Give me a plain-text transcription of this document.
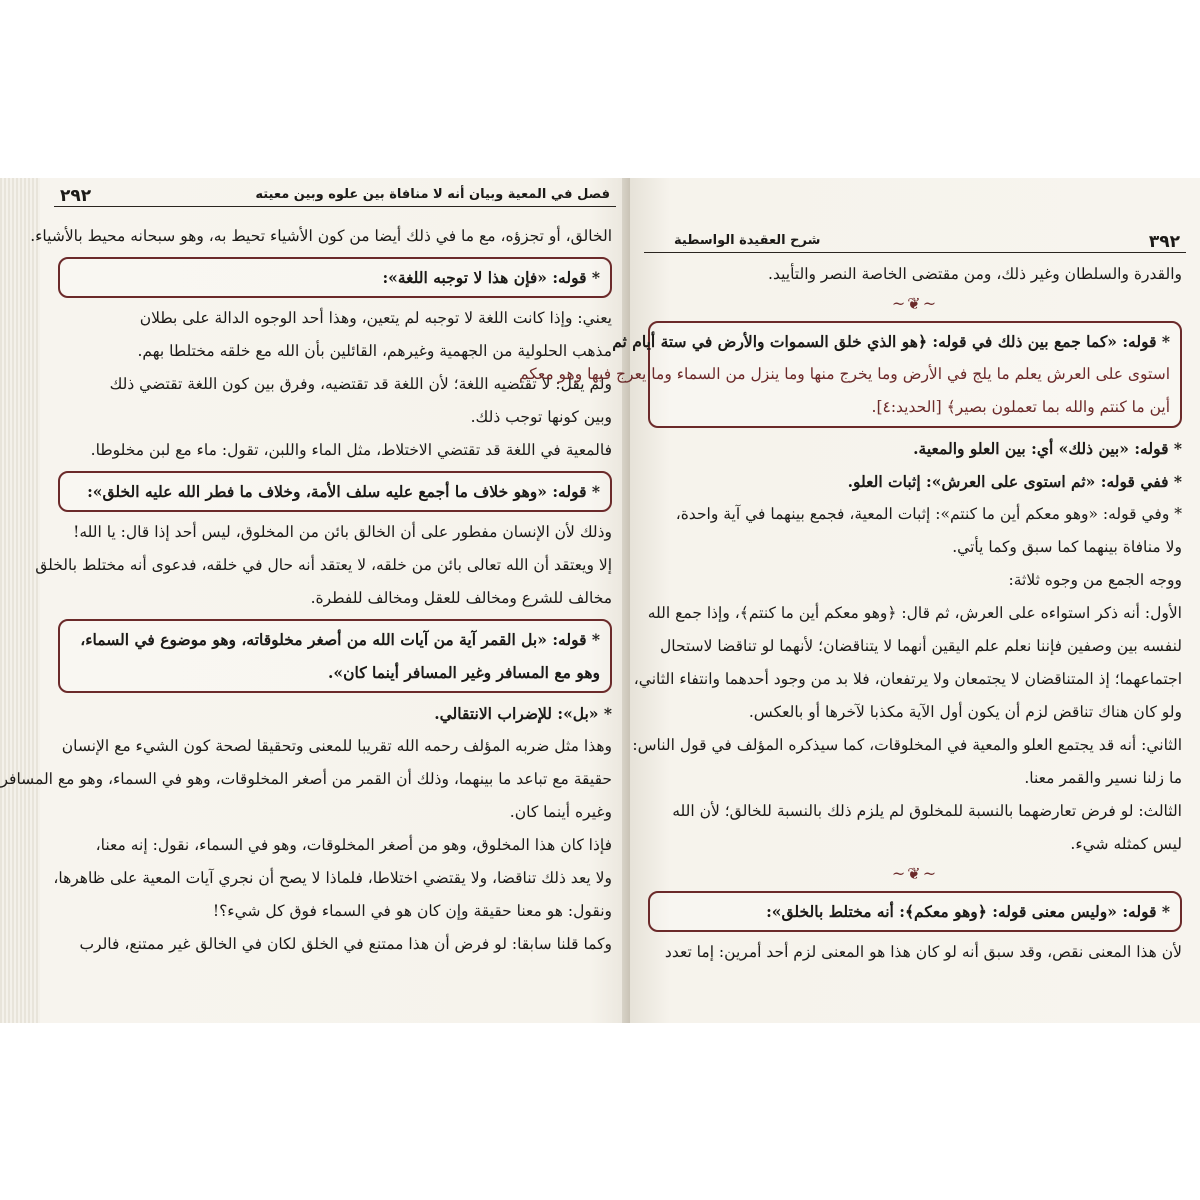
٢٩٢	فصل في المعية وبيان أنه لا منافاة بين علوه وبين معيته
الخالق، أو تجزؤه، مع ما في ذلك أيضا من كون الأشياء تحيط به، وهو سبحانه محيط بالأشياء.
* قوله: «فإن هذا لا توجبه اللغة»:
يعني: وإذا كانت اللغة لا توجبه لم يتعين، وهذا أحد الوجوه الدالة على بطلان
مذهب الحلولية من الجهمية وغيرهم، القائلين بأن الله مع خلقه مختلطا بهم.
ولم يقل: لا تقتضيه اللغة؛ لأن اللغة قد تقتضيه، وفرق بين كون اللغة تقتضي ذلك
وبين كونها توجب ذلك.
فالمعية في اللغة قد تقتضي الاختلاط، مثل الماء واللبن، تقول: ماء مع لبن مخلوطا.
* قوله: «وهو خلاف ما أجمع عليه سلف الأمة، وخلاف ما فطر الله عليه الخلق»:
وذلك لأن الإنسان مفطور على أن الخالق بائن من المخلوق، ليس أحد إذا قال: يا الله!
إلا ويعتقد أن الله تعالى بائن من خلقه، لا يعتقد أنه حال في خلقه، فدعوى أنه مختلط بالخلق
مخالف للشرع ومخالف للعقل ومخالف للفطرة.
* قوله: «بل القمر آية من آيات الله من أصغر مخلوقاته، وهو موضوع في السماء،
وهو مع المسافر وغير المسافر أينما كان».
* «بل»: للإضراب الانتقالي.
وهذا مثل ضربه المؤلف رحمه الله تقريبا للمعنى وتحقيقا لصحة كون الشيء مع الإنسان
حقيقة مع تباعد ما بينهما، وذلك أن القمر من أصغر المخلوقات، وهو في السماء، وهو مع المسافر
وغيره أينما كان.
فإذا كان هذا المخلوق، وهو من أصغر المخلوقات، وهو في السماء، نقول: إنه معنا،
ولا يعد ذلك تناقضا، ولا يقتضي اختلاطا، فلماذا لا يصح أن نجري آيات المعية على ظاهرها،
ونقول: هو معنا حقيقة وإن كان هو في السماء فوق كل شيء؟!
وكما قلنا سابقا: لو فرض أن هذا ممتنع في الخلق لكان في الخالق غير ممتنع، فالرب
٣٩٢
شرح العقيدة الواسطية
والقدرة والسلطان وغير ذلك، ومن مقتضى الخاصة النصر والتأييد.
~❦~
* قوله: «كما جمع بين ذلك في قوله: ﴿هو الذي خلق السموات والأرض في ستة أيام ثم
استوى على العرش يعلم ما يلج في الأرض وما يخرج منها وما ينزل من السماء وما يعرج فيها وهو معكم
أين ما كنتم والله بما تعملون بصير﴾ [الحديد:٤].
* قوله: «بين ذلك» أي: بين العلو والمعية.
* ففي قوله: «ثم استوى على العرش»: إثبات العلو.
* وفي قوله: «وهو معكم أين ما كنتم»: إثبات المعية، فجمع بينهما في آية واحدة،
ولا منافاة بينهما كما سبق وكما يأتي.
ووجه الجمع من وجوه ثلاثة:
الأول: أنه ذكر استواءه على العرش، ثم قال: ﴿وهو معكم أين ما كنتم﴾، وإذا جمع الله
لنفسه بين وصفين فإننا نعلم علم اليقين أنهما لا يتناقضان؛ لأنهما لو تناقضا لاستحال
اجتماعهما؛ إذ المتناقضان لا يجتمعان ولا يرتفعان، فلا بد من وجود أحدهما وانتفاء الثاني،
ولو كان هناك تناقض لزم أن يكون أول الآية مكذبا لآخرها أو بالعكس.
الثاني: أنه قد يجتمع العلو والمعية في المخلوقات، كما سيذكره المؤلف في قول الناس:
ما زلنا نسير والقمر معنا.
الثالث: لو فرض تعارضهما بالنسبة للمخلوق لم يلزم ذلك بالنسبة للخالق؛ لأن الله
ليس كمثله شيء.
~❦~
* قوله: «وليس معنى قوله: ﴿وهو معكم﴾: أنه مختلط بالخلق»:
لأن هذا المعنى نقص، وقد سبق أنه لو كان هذا هو المعنى لزم أحد أمرين: إما تعدد
